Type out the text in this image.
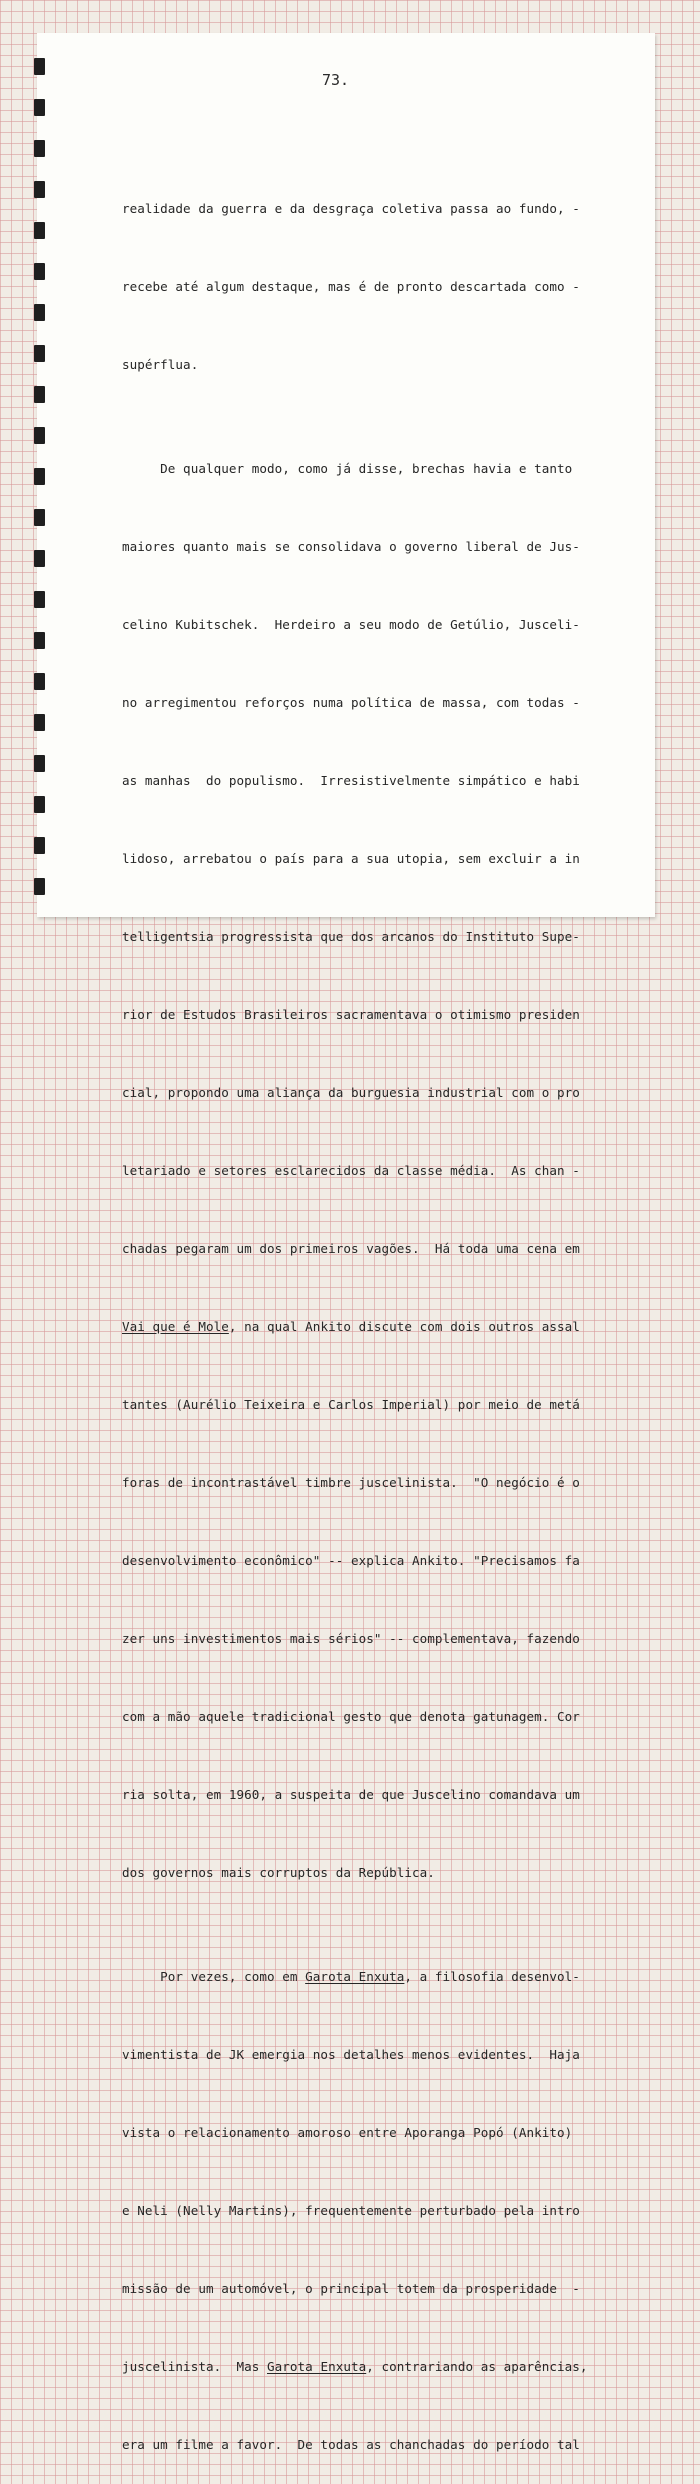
73.

realidade da guerra e da desgraça coletiva passa ao fundo, -

recebe até algum destaque, mas é de pronto descartada como -

supérflua.

De qualquer modo, como já disse, brechas havia e tanto

maiores quanto mais se consolidava o governo liberal de Jus-

celino Kubitschek.  Herdeiro a seu modo de Getúlio, Jusceli-

no arregimentou reforços numa política de massa, com todas -

as manhas  do populismo.  Irresistivelmente simpático e habi

lidoso, arrebatou o país para a sua utopia, sem excluir a in

telligentsia progressista que dos arcanos do Instituto Supe-

rior de Estudos Brasileiros sacramentava o otimismo presiden

cial, propondo uma aliança da burguesia industrial com o pro

letariado e setores esclarecidos da classe média.  As chan -

chadas pegaram um dos primeiros vagões.  Há toda uma cena em

Vai que é Mole, na qual Ankito discute com dois outros assal

tantes (Aurélio Teixeira e Carlos Imperial) por meio de metá

foras de incontrastável timbre juscelinista.  "O negócio é o

desenvolvimento econômico" -- explica Ankito. "Precisamos fa

zer uns investimentos mais sérios" -- complementava, fazendo

com a mão aquele tradicional gesto que denota gatunagem. Cor

ria solta, em 1960, a suspeita de que Juscelino comandava um

dos governos mais corruptos da República.

Por vezes, como em Garota Enxuta, a filosofia desenvol-

vimentista de JK emergia nos detalhes menos evidentes.  Haja

vista o relacionamento amoroso entre Aporanga Popó (Ankito)

e Neli (Nelly Martins), frequentemente perturbado pela intro

missão de um automóvel, o principal totem da prosperidade  -

juscelinista.  Mas Garota Enxuta, contrariando as aparências,

era um filme a favor.  De todas as chanchadas do período tal
